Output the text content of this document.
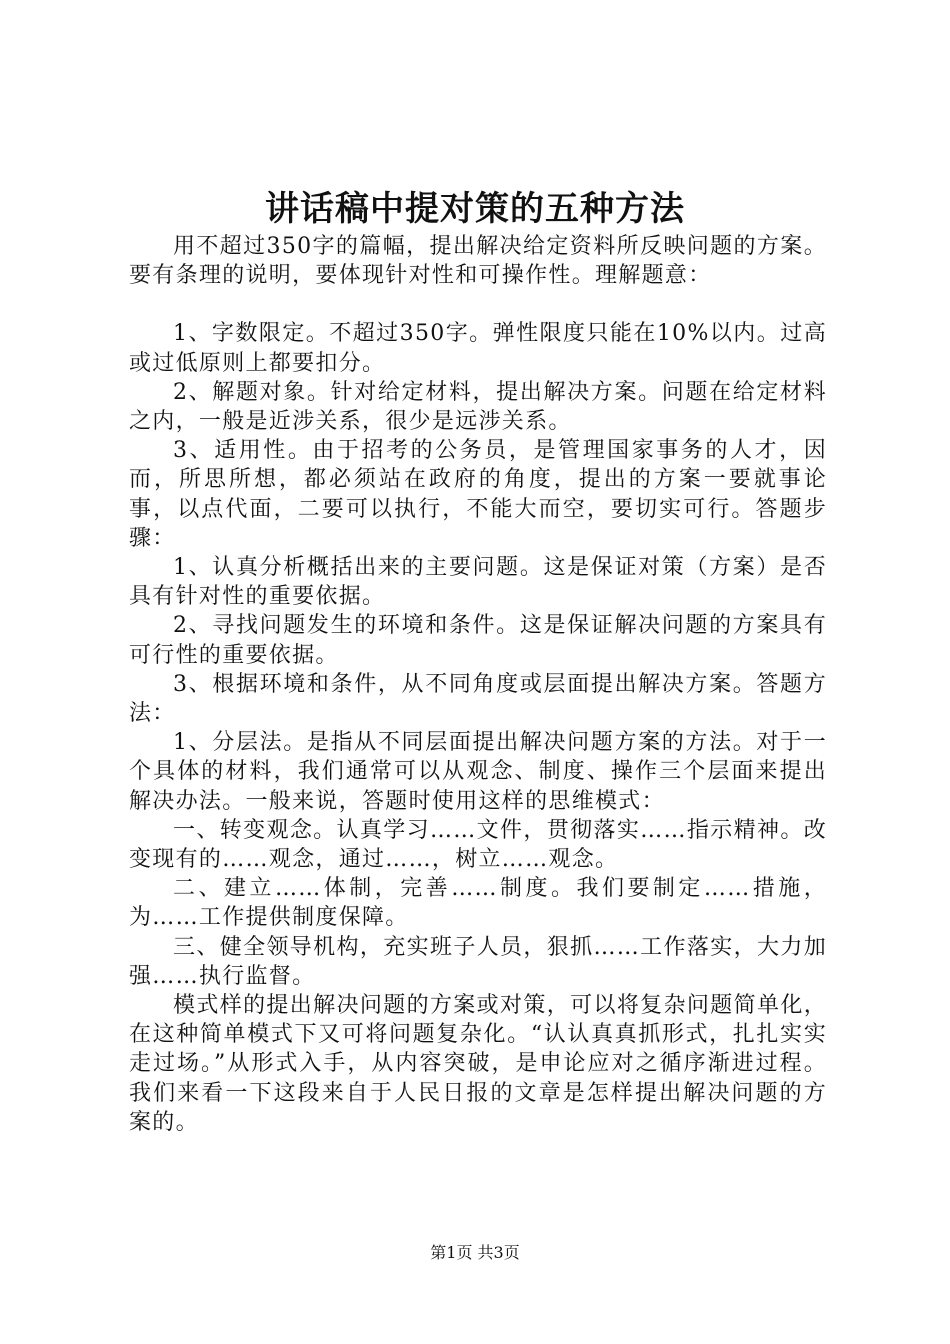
讲话稿中提对策的五种方法

用不超过350字的篇幅，提出解决给定资料所反映问题的方案。要有条理的说明，要体现针对性和可操作性。理解题意：

1、字数限定。不超过350字。弹性限度只能在10%以内。过高或过低原则上都要扣分。

2、解题对象。针对给定材料，提出解决方案。问题在给定材料之内，一般是近涉关系，很少是远涉关系。

3、适用性。由于招考的公务员，是管理国家事务的人才，因而，所思所想，都必须站在政府的角度，提出的方案一要就事论事，以点代面，二要可以执行，不能大而空，要切实可行。答题步骤：

1、认真分析概括出来的主要问题。这是保证对策（方案）是否具有针对性的重要依据。

2、寻找问题发生的环境和条件。这是保证解决问题的方案具有可行性的重要依据。

3、根据环境和条件，从不同角度或层面提出解决方案。答题方法：

1、分层法。是指从不同层面提出解决问题方案的方法。对于一个具体的材料，我们通常可以从观念、制度、操作三个层面来提出解决办法。一般来说，答题时使用这样的思维模式：

一、转变观念。认真学习……文件，贯彻落实……指示精神。改变现有的……观念，通过……，树立……观念。

二、建立……体制，完善……制度。我们要制定……措施，为……工作提供制度保障。

三、健全领导机构，充实班子人员，狠抓……工作落实，大力加强……执行监督。

模式样的提出解决问题的方案或对策，可以将复杂问题简单化，在这种简单模式下又可将问题复杂化。“认认真真抓形式，扎扎实实走过场。”从形式入手，从内容突破，是申论应对之循序渐进过程。我们来看一下这段来自于人民日报的文章是怎样提出解决问题的方案的。

第1页 共3页
